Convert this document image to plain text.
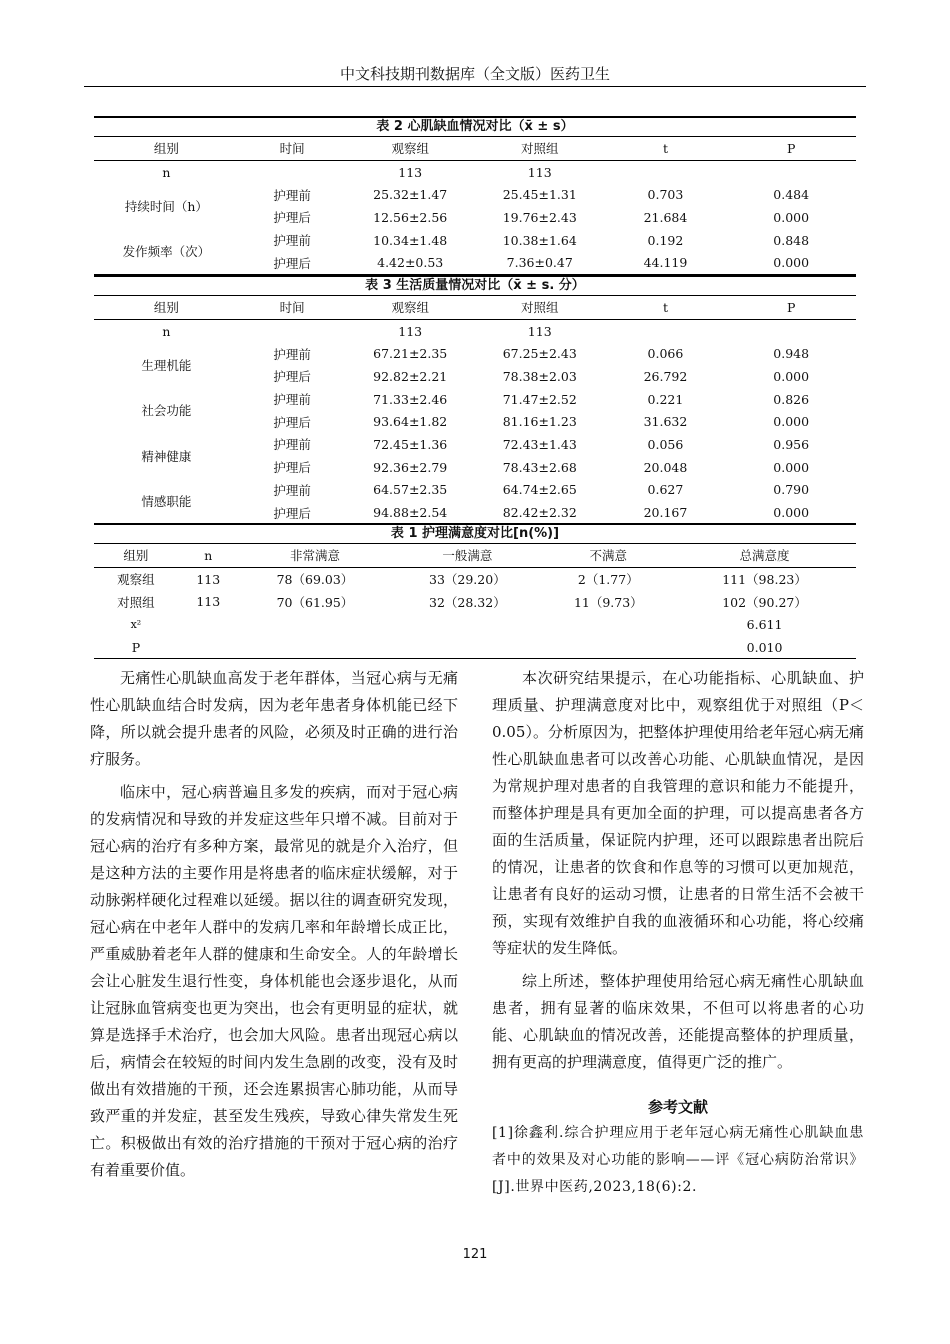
中文科技期刊数据库（全文版）医药卫生
表 2 心肌缺血情况对比（x̄ ± s）
组别	时间	观察组	对照组	t	P
n		113	113		
持续时间（h）	护理前	25.32±1.47	25.45±1.31	0.703	0.484
	护理后	12.56±2.56	19.76±2.43	21.684	0.000
发作频率（次）	护理前	10.34±1.48	10.38±1.64	0.192	0.848
	护理后	4.42±0.53	7.36±0.47	44.119	0.000
表 3 生活质量情况对比（x̄ ± s. 分）
组别	时间	观察组	对照组	t	P
n		113	113		
生理机能	护理前	67.21±2.35	67.25±2.43	0.066	0.948
	护理后	92.82±2.21	78.38±2.03	26.792	0.000
社会功能	护理前	71.33±2.46	71.47±2.52	0.221	0.826
	护理后	93.64±1.82	81.16±1.23	31.632	0.000
精神健康	护理前	72.45±1.36	72.43±1.43	0.056	0.956
	护理后	92.36±2.79	78.43±2.68	20.048	0.000
情感职能	护理前	64.57±2.35	64.74±2.65	0.627	0.790
	护理后	94.88±2.54	82.42±2.32	20.167	0.000
表 1 护理满意度对比[n(%)]
组别	n	非常满意	一般满意	不满意	总满意度
观察组	113	78（69.03）	33（29.20）	2（1.77）	111（98.23）
对照组	113	70（61.95）	32（28.32）	11（9.73）	102（90.27）
x²					6.611
P					0.010

无痛性心肌缺血高发于老年群体，当冠心病与无痛性心肌缺血结合时发病，因为老年患者身体机能已经下降，所以就会提升患者的风险，必须及时正确的进行治疗服务。

临床中，冠心病普遍且多发的疾病，而对于冠心病的发病情况和导致的并发症这些年只增不减。目前对于冠心病的治疗有多种方案，最常见的就是介入治疗，但是这种方法的主要作用是将患者的临床症状缓解，对于动脉粥样硬化过程难以延缓。据以往的调查研究发现，冠心病在中老年人群中的发病几率和年龄增长成正比，严重威胁着老年人群的健康和生命安全。人的年龄增长会让心脏发生退行性变，身体机能也会逐步退化，从而让冠脉血管病变也更为突出，也会有更明显的症状，就算是选择手术治疗，也会加大风险。患者出现冠心病以后，病情会在较短的时间内发生急剧的改变，没有及时做出有效措施的干预，还会连累损害心肺功能，从而导致严重的并发症，甚至发生残疾，导致心律失常发生死亡。积极做出有效的治疗措施的干预对于冠心病的治疗有着重要价值。

本次研究结果提示，在心功能指标、心肌缺血、护理质量、护理满意度对比中，观察组优于对照组（P＜0.05）。分析原因为，把整体护理使用给老年冠心病无痛性心肌缺血患者可以改善心功能、心肌缺血情况，是因为常规护理对患者的自我管理的意识和能力不能提升，而整体护理是具有更加全面的护理，可以提高患者各方面的生活质量，保证院内护理，还可以跟踪患者出院后的情况，让患者的饮食和作息等的习惯可以更加规范，让患者有良好的运动习惯，让患者的日常生活不会被干预，实现有效维护自我的血液循环和心功能，将心绞痛等症状的发生降低。

综上所述，整体护理使用给冠心病无痛性心肌缺血患者，拥有显著的临床效果，不但可以将患者的心功能、心肌缺血的情况改善，还能提高整体的护理质量，拥有更高的护理满意度，值得更广泛的推广。

参考文献
[1]徐鑫利.综合护理应用于老年冠心病无痛性心肌缺血患者中的效果及对心功能的影响——评《冠心病防治常识》[J].世界中医药,2023,18(6):2.
121
